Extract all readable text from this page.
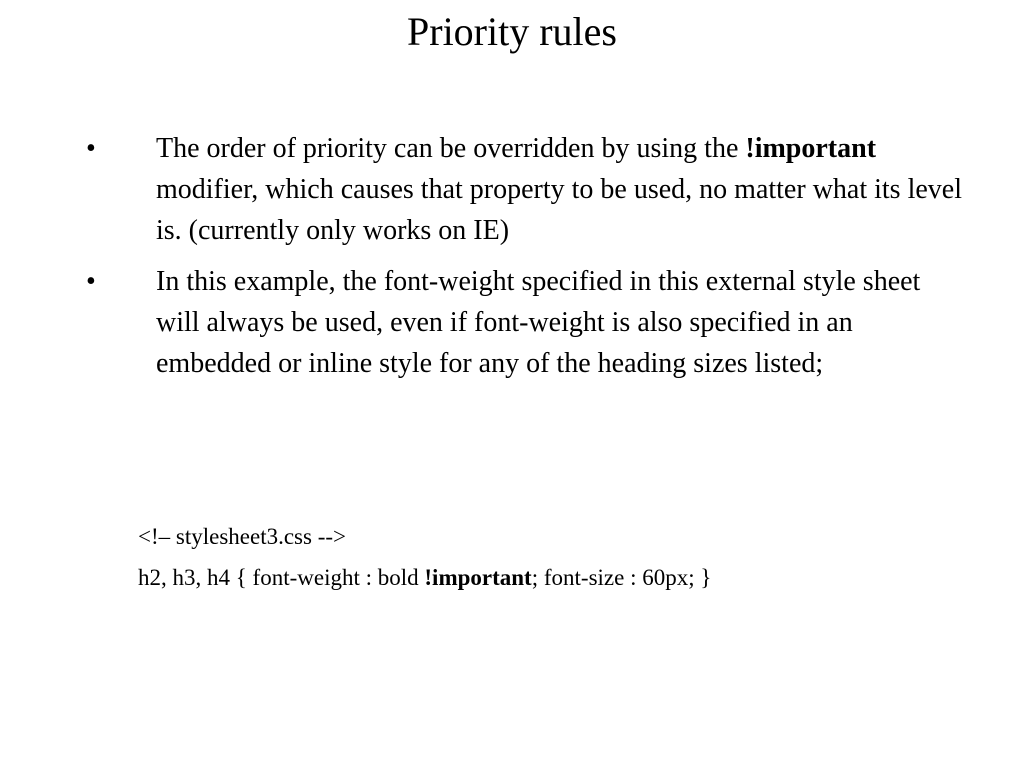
Priority rules
• The order of priority can be overridden by using the !important modifier, which causes that property to be used, no matter what its level is. (currently only works on IE)
• In this example, the font-weight specified in this external style sheet will always be used, even if font-weight is also specified in an embedded or inline style for any of the heading sizes listed;
<!– stylesheet3.css -->
h2, h3, h4 { font-weight : bold !important; font-size : 60px; }
